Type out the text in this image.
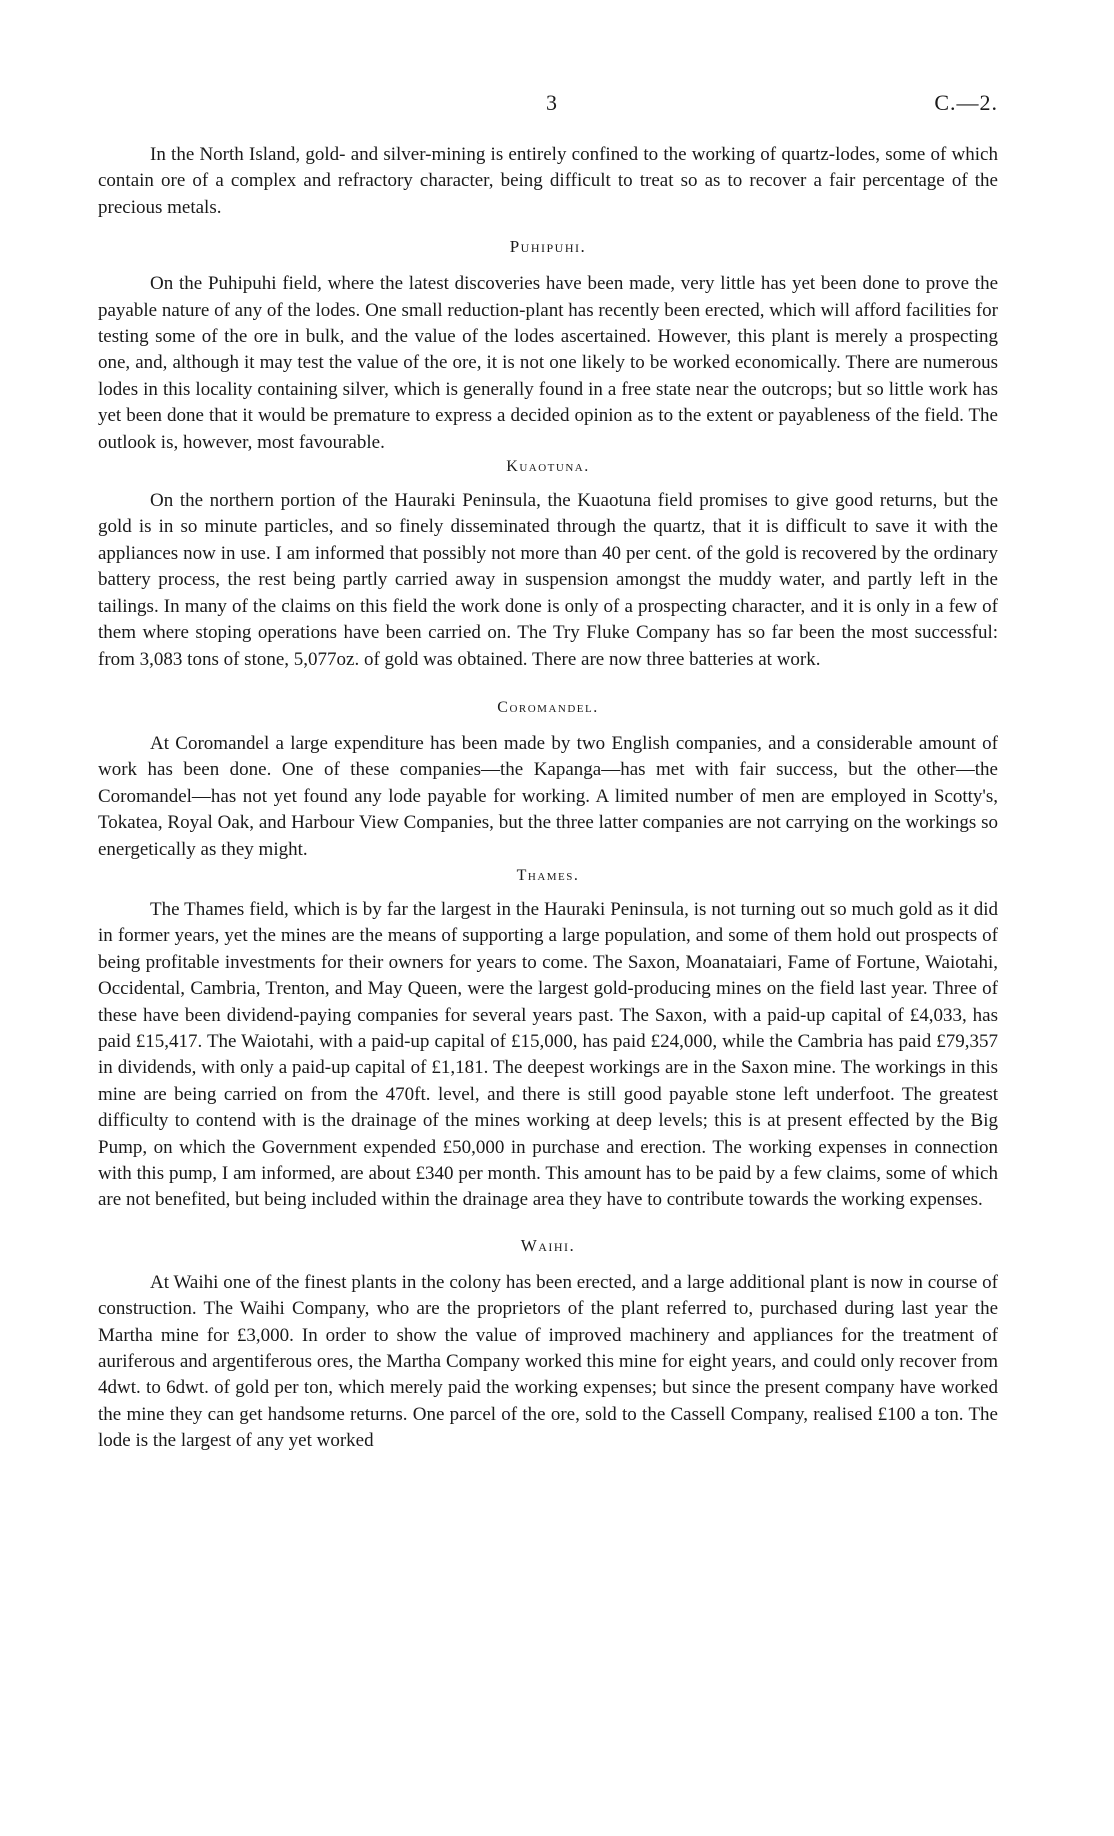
3	C.—2.

In the North Island, gold- and silver-mining is entirely confined to the working of quartz-lodes, some of which contain ore of a complex and refractory character, being difficult to treat so as to recover a fair percentage of the precious metals.

Puhipuhi.

On the Puhipuhi field, where the latest discoveries have been made, very little has yet been done to prove the payable nature of any of the lodes. One small reduction-plant has recently been erected, which will afford facilities for testing some of the ore in bulk, and the value of the lodes ascertained. However, this plant is merely a prospecting one, and, although it may test the value of the ore, it is not one likely to be worked economically. There are numerous lodes in this locality containing silver, which is generally found in a free state near the outcrops; but so little work has yet been done that it would be premature to express a decided opinion as to the extent or payableness of the field. The outlook is, however, most favourable.

Kuaotuna.

On the northern portion of the Hauraki Peninsula, the Kuaotuna field promises to give good returns, but the gold is in so minute particles, and so finely disseminated through the quartz, that it is difficult to save it with the appliances now in use. I am informed that possibly not more than 40 per cent. of the gold is recovered by the ordinary battery process, the rest being partly carried away in suspension amongst the muddy water, and partly left in the tailings. In many of the claims on this field the work done is only of a prospecting character, and it is only in a few of them where stoping operations have been carried on. The Try Fluke Company has so far been the most successful: from 3,083 tons of stone, 5,077oz. of gold was obtained. There are now three batteries at work.

Coromandel.

At Coromandel a large expenditure has been made by two English companies, and a considerable amount of work has been done. One of these companies—the Kapanga—has met with fair success, but the other—the Coromandel—has not yet found any lode payable for working. A limited number of men are employed in Scotty's, Tokatea, Royal Oak, and Harbour View Companies, but the three latter companies are not carrying on the workings so energetically as they might.

Thames.

The Thames field, which is by far the largest in the Hauraki Peninsula, is not turning out so much gold as it did in former years, yet the mines are the means of supporting a large population, and some of them hold out prospects of being profitable investments for their owners for years to come. The Saxon, Moanataiari, Fame of Fortune, Waiotahi, Occidental, Cambria, Trenton, and May Queen, were the largest gold-producing mines on the field last year. Three of these have been dividend-paying companies for several years past. The Saxon, with a paid-up capital of £4,033, has paid £15,417. The Waiotahi, with a paid-up capital of £15,000, has paid £24,000, while the Cambria has paid £79,357 in dividends, with only a paid-up capital of £1,181. The deepest workings are in the Saxon mine. The workings in this mine are being carried on from the 470ft. level, and there is still good payable stone left underfoot. The greatest difficulty to contend with is the drainage of the mines working at deep levels; this is at present effected by the Big Pump, on which the Government expended £50,000 in purchase and erection. The working expenses in connection with this pump, I am informed, are about £340 per month. This amount has to be paid by a few claims, some of which are not benefited, but being included within the drainage area they have to contribute towards the working expenses.

Waihi.

At Waihi one of the finest plants in the colony has been erected, and a large additional plant is now in course of construction. The Waihi Company, who are the proprietors of the plant referred to, purchased during last year the Martha mine for £3,000. In order to show the value of improved machinery and appliances for the treatment of auriferous and argentiferous ores, the Martha Company worked this mine for eight years, and could only recover from 4dwt. to 6dwt. of gold per ton, which merely paid the working expenses; but since the present company have worked the mine they can get handsome returns. One parcel of the ore, sold to the Cassell Company, realised £100 a ton. The lode is the largest of any yet worked
